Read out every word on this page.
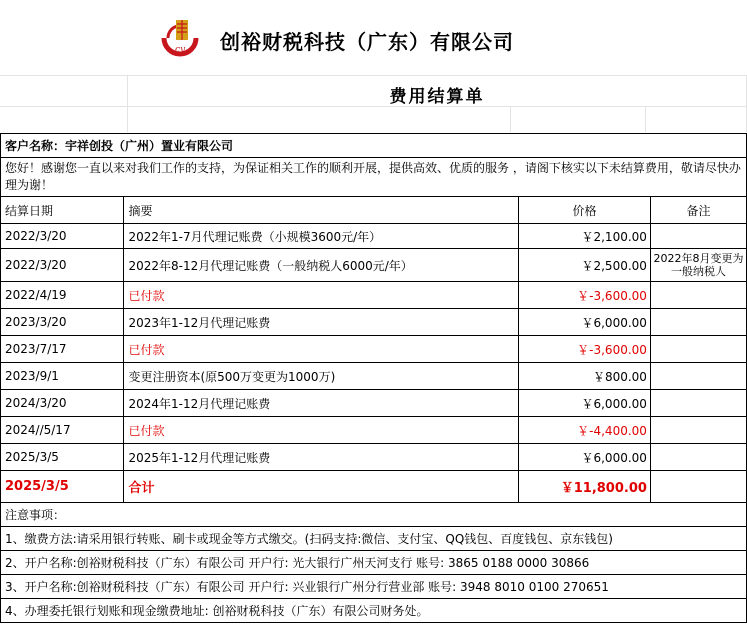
cy 创裕财税科技（广东）有限公司
费用结算单
客户名称：宇祥创投（广州）置业有限公司			
您好！感谢您一直以来对我们工作的支持，为保证相关工作的顺利开展，提供高效、优质的服务 ，请阁下核实以下未结算费用，敬请尽快办理为谢！			
结算日期	摘要	价格	备注
2022/3/20	2022年1-7月代理记账费（小规模3600元/年）	￥2,100.00	
2022/3/20	2022年8-12月代理记账费（一般纳税人6000元/年）	￥2,500.00	2022年8月变更为一般纳税人
2022/4/19	已付款	￥-3,600.00	
2023/3/20	2023年1-12月代理记账费	￥6,000.00	
2023/7/17	已付款	￥-3,600.00	
2023/9/1	变更注册资本(原500万变更为1000万)	￥800.00	
2024/3/20	2024年1-12月代理记账费	￥6,000.00	
2024//5/17	已付款	￥-4,400.00	
2025/3/5	2025年1-12月代理记账费	￥6,000.00	
2025/3/5	合计	￥11,800.00	
注意事项：			
1、缴费方法:请采用银行转账、刷卡或现金等方式缴交。(扫码支持:微信、支付宝、QQ钱包、百度钱包、京东钱包)			
2、开户名称:创裕财税科技（广东）有限公司 开户行: 光大银行广州天河支行 账号: 3865 0188 0000 30866			
3、开户名称:创裕财税科技（广东）有限公司 开户行: 兴业银行广州分行营业部 账号: 3948 8010 0100 270651			
4、办理委托银行划账和现金缴费地址: 创裕财税科技（广东）有限公司财务处。			
